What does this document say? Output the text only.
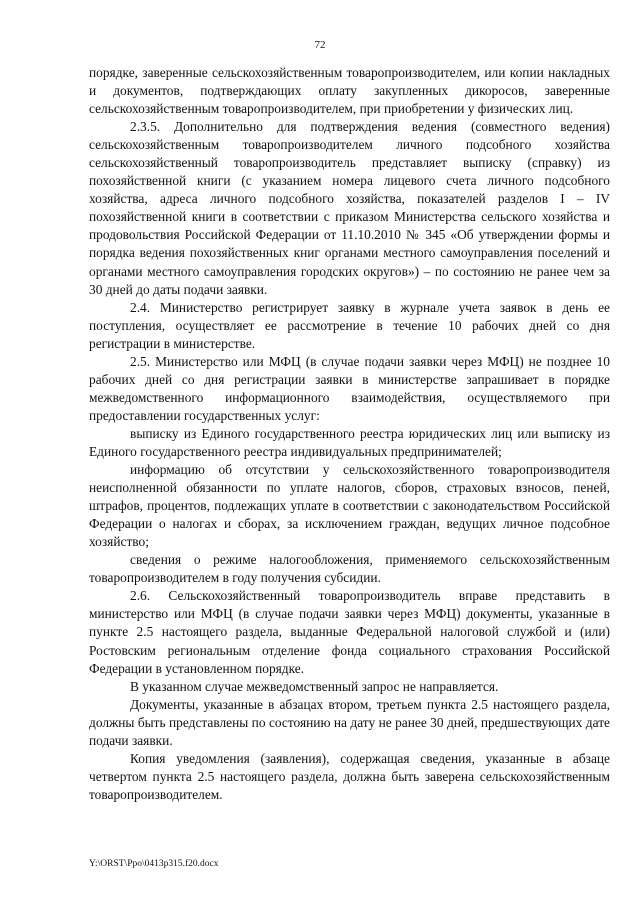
72

порядке, заверенные сельскохозяйственным товаропроизводителем, или копии накладных и документов, подтверждающих оплату закупленных дикоросов, заверенные сельскохозяйственным товаропроизводителем, при приобретении у физических лиц.

2.3.5. Дополнительно для подтверждения ведения (совместного ведения) сельскохозяйственным товаропроизводителем личного подсобного хозяйства сельскохозяйственный товаропроизводитель представляет выписку (справку) из похозяйственной книги (с указанием номера лицевого счета личного подсобного хозяйства, адреса личного подсобного хозяйства, показателей разделов I – IV похозяйственной книги в соответствии с приказом Министерства сельского хозяйства и продовольствия Российской Федерации от 11.10.2010 № 345 «Об утверждении формы и порядка ведения похозяйственных книг органами местного самоуправления поселений и органами местного самоуправления городских округов») – по состоянию не ранее чем за 30 дней до даты подачи заявки.

2.4. Министерство регистрирует заявку в журнале учета заявок в день ее поступления, осуществляет ее рассмотрение в течение 10 рабочих дней со дня регистрации в министерстве.

2.5. Министерство или МФЦ (в случае подачи заявки через МФЦ) не позднее 10 рабочих дней со дня регистрации заявки в министерстве запрашивает в порядке межведомственного информационного взаимодействия, осуществляемого при предоставлении государственных услуг:

выписку из Единого государственного реестра юридических лиц или выписку из Единого государственного реестра индивидуальных предпринимателей;

информацию об отсутствии у сельскохозяйственного товаропроизводителя неисполненной обязанности по уплате налогов, сборов, страховых взносов, пеней, штрафов, процентов, подлежащих уплате в соответствии с законодательством Российской Федерации о налогах и сборах, за исключением граждан, ведущих личное подсобное хозяйство;

сведения о режиме налогообложения, применяемого сельскохозяйственным товаропроизводителем в году получения субсидии.

2.6. Сельскохозяйственный товаропроизводитель вправе представить в министерство или МФЦ (в случае подачи заявки через МФЦ) документы, указанные в пункте 2.5 настоящего раздела, выданные Федеральной налоговой службой и (или) Ростовским региональным отделение фонда социального страхования Российской Федерации в установленном порядке.

В указанном случае межведомственный запрос не направляется.

Документы, указанные в абзацах втором, третьем пункта 2.5 настоящего раздела, должны быть представлены по состоянию на дату не ранее 30 дней, предшествующих дате подачи заявки.

Копия уведомления (заявления), содержащая сведения, указанные в абзаце четвертом пункта 2.5 настоящего раздела, должна быть заверена сельскохозяйственным товаропроизводителем.

Y:\ORST\Ppo\0413p315.f20.docx
